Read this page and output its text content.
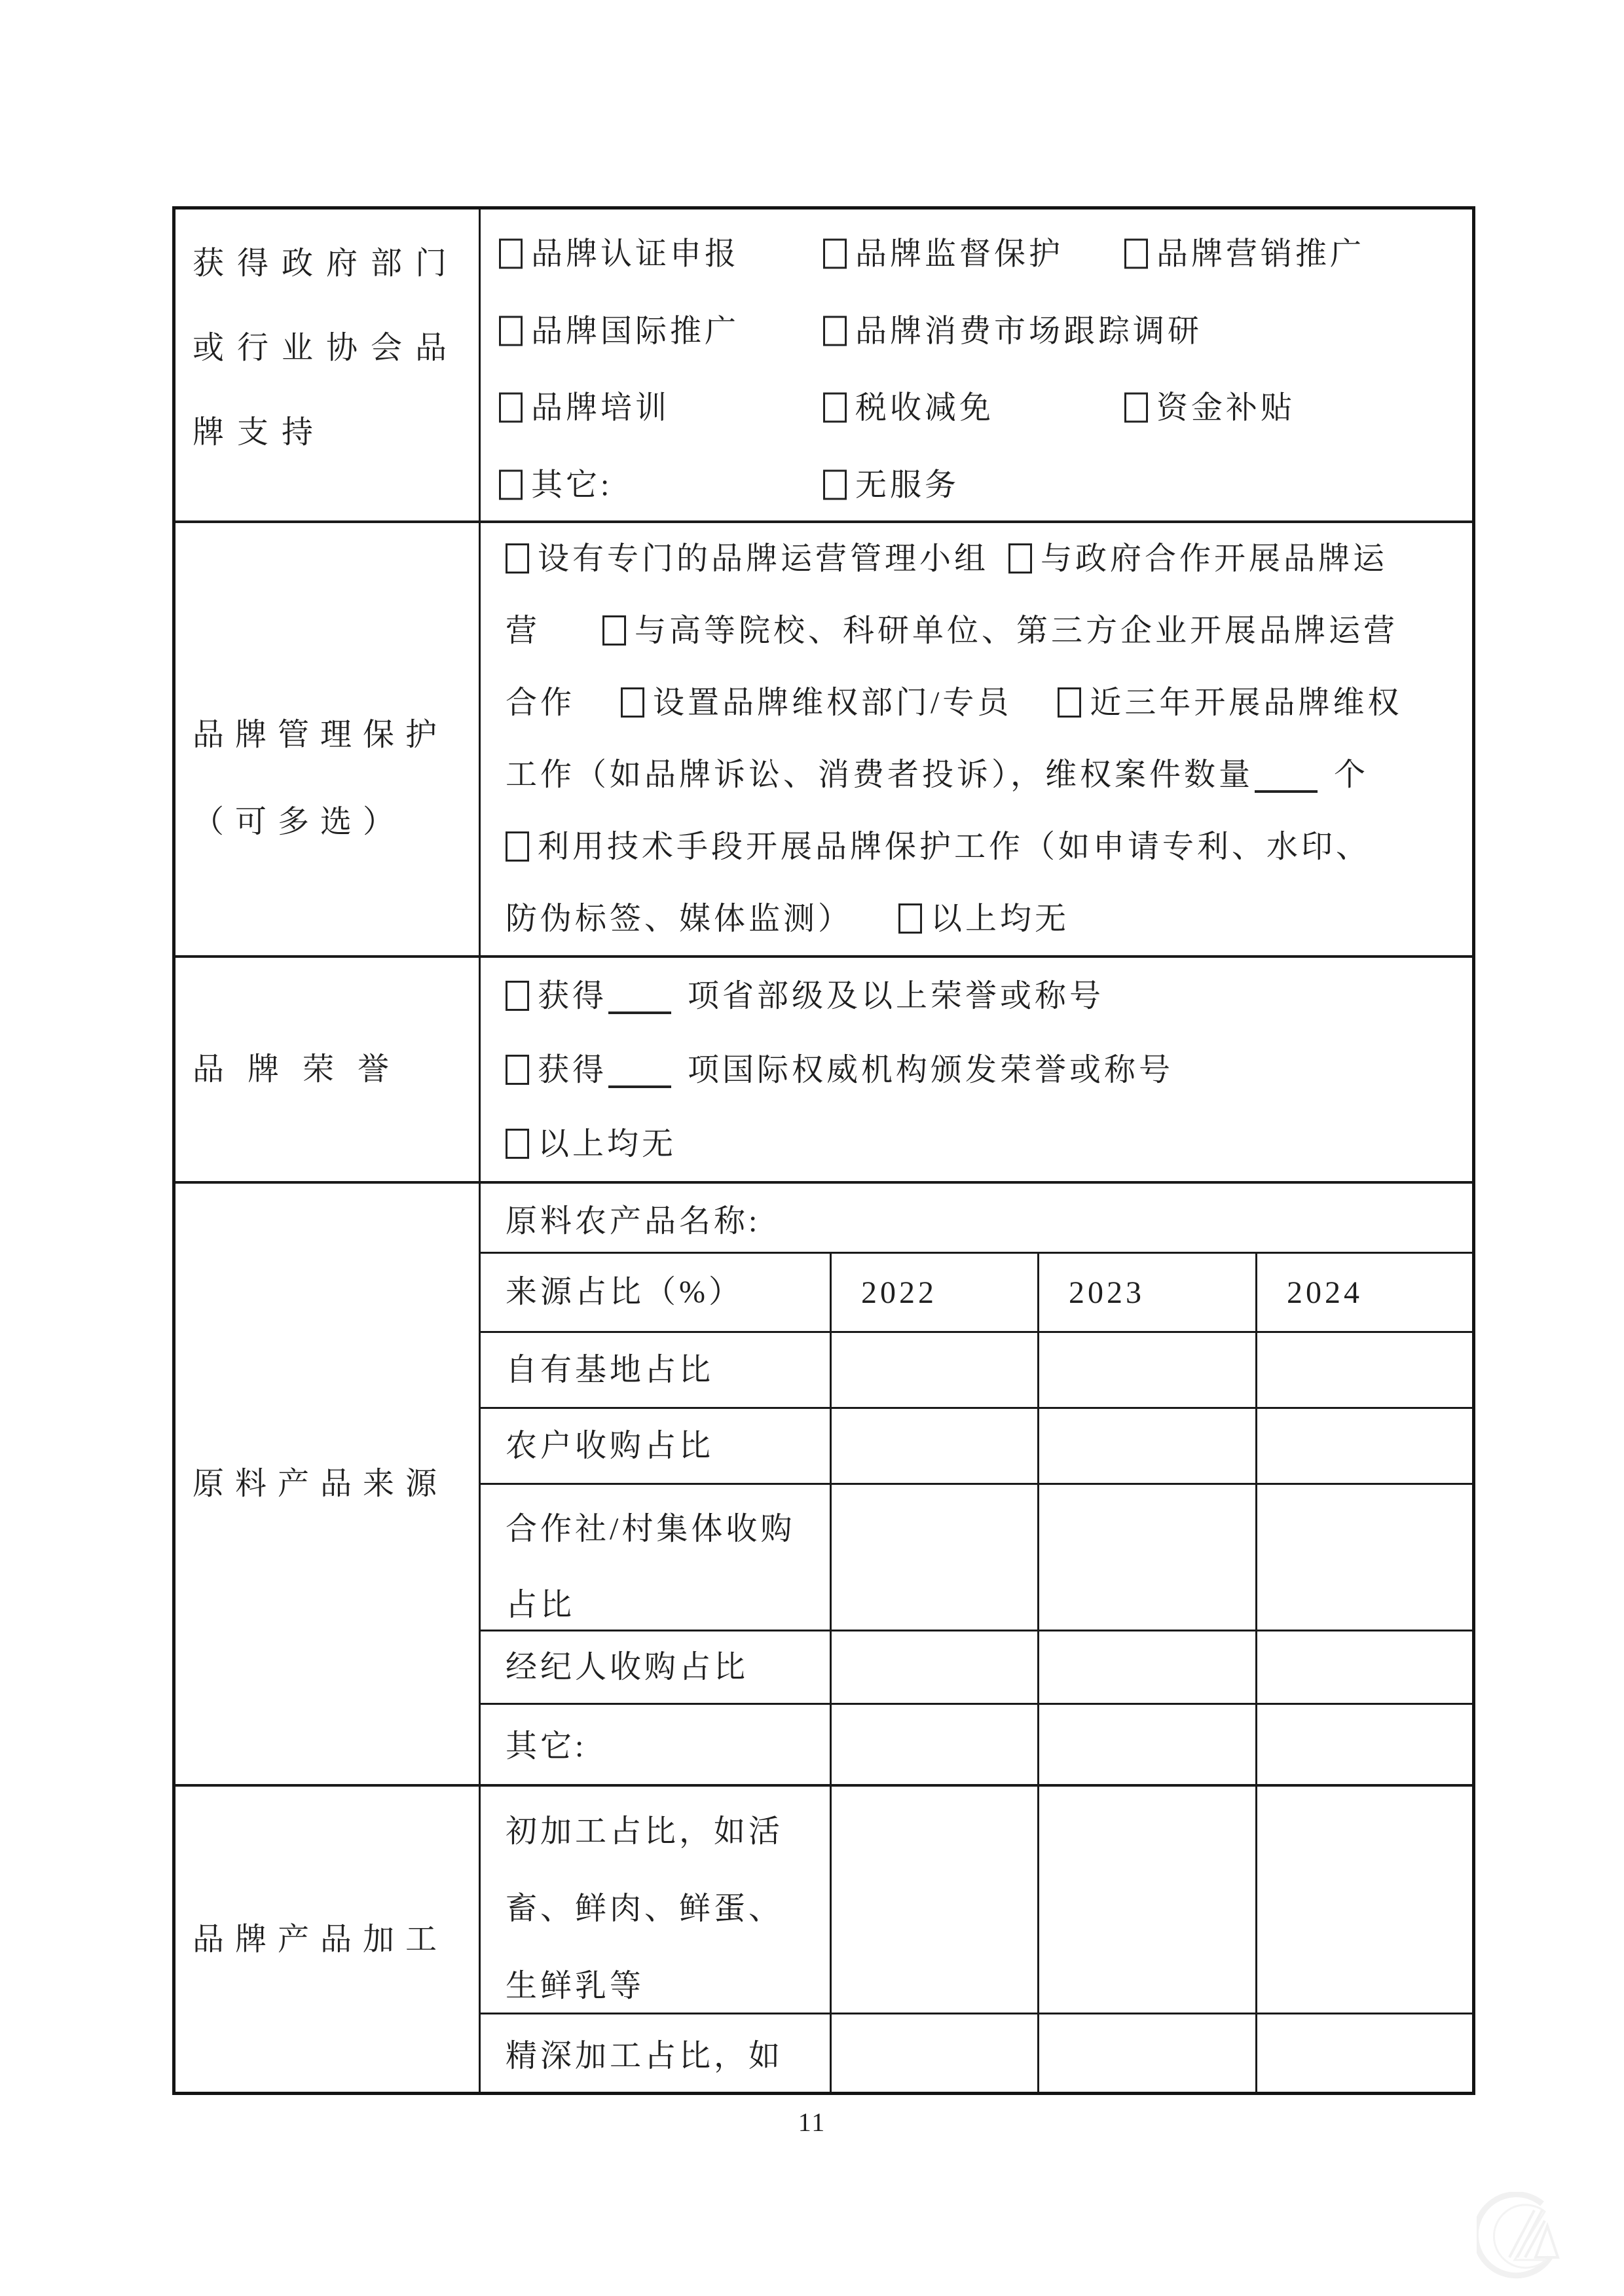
获得政府部门
或行业协会品
牌支持
品牌认证申报	品牌监督保护	品牌营销推广
品牌国际推广	品牌消费市场跟踪调研
品牌培训	税收减免	资金补贴
其它:	无服务
品牌管理保护
（可多选）
设有专门的品牌运营管理小组 与政府合作开展品牌运
营	与高等院校、科研单位、第三方企业开展品牌运营
合作 设置品牌维权部门/专员 近三年开展品牌维权
工作（如品牌诉讼、消费者投诉），维权案件数量	个
利用技术手段开展品牌保护工作（如申请专利、水印、
防伪标签、媒体监测） 以上均无
品牌荣誉
获得	项省部级及以上荣誉或称号
获得	项国际权威机构颁发荣誉或称号
以上均无
原料产品来源
原料农产品名称:
来源占比（%）	2022	2023	2024
自有基地占比
农户收购占比
合作社/村集体收购占比
经纪人收购占比
其它:
品牌产品加工
初加工占比，如活畜、鲜肉、鲜蛋、生鲜乳等
精深加工占比，如
11
